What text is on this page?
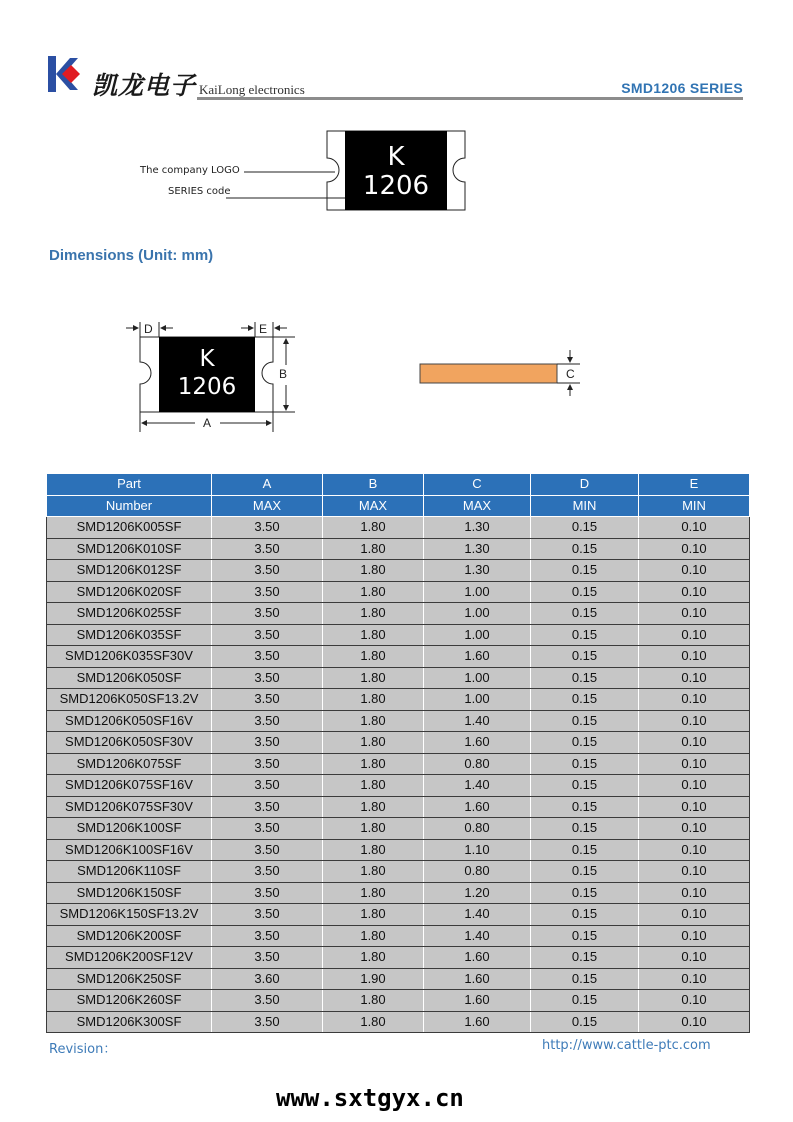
凯龙电子 KaiLong electronics	SMD1206 SERIES
K
1206
The company LOGO
SERIES code
Dimensions (Unit: mm)
K
1206
D	E
B
A
C
Part	A	B	C	D	E
Number	MAX	MAX	MAX	MIN	MIN
SMD1206K005SF	3.50	1.80	1.30	0.15	0.10
SMD1206K010SF	3.50	1.80	1.30	0.15	0.10
SMD1206K012SF	3.50	1.80	1.30	0.15	0.10
SMD1206K020SF	3.50	1.80	1.00	0.15	0.10
SMD1206K025SF	3.50	1.80	1.00	0.15	0.10
SMD1206K035SF	3.50	1.80	1.00	0.15	0.10
SMD1206K035SF30V	3.50	1.80	1.60	0.15	0.10
SMD1206K050SF	3.50	1.80	1.00	0.15	0.10
SMD1206K050SF13.2V	3.50	1.80	1.00	0.15	0.10
SMD1206K050SF16V	3.50	1.80	1.40	0.15	0.10
SMD1206K050SF30V	3.50	1.80	1.60	0.15	0.10
SMD1206K075SF	3.50	1.80	0.80	0.15	0.10
SMD1206K075SF16V	3.50	1.80	1.40	0.15	0.10
SMD1206K075SF30V	3.50	1.80	1.60	0.15	0.10
SMD1206K100SF	3.50	1.80	0.80	0.15	0.10
SMD1206K100SF16V	3.50	1.80	1.10	0.15	0.10
SMD1206K110SF	3.50	1.80	0.80	0.15	0.10
SMD1206K150SF	3.50	1.80	1.20	0.15	0.10
SMD1206K150SF13.2V	3.50	1.80	1.40	0.15	0.10
SMD1206K200SF	3.50	1.80	1.40	0.15	0.10
SMD1206K200SF12V	3.50	1.80	1.60	0.15	0.10
SMD1206K250SF	3.60	1.90	1.60	0.15	0.10
SMD1206K260SF	3.50	1.80	1.60	0.15	0.10
SMD1206K300SF	3.50	1.80	1.60	0.15	0.10
Revision：	http://www.cattle-ptc.com
www.sxtgyx.cn
